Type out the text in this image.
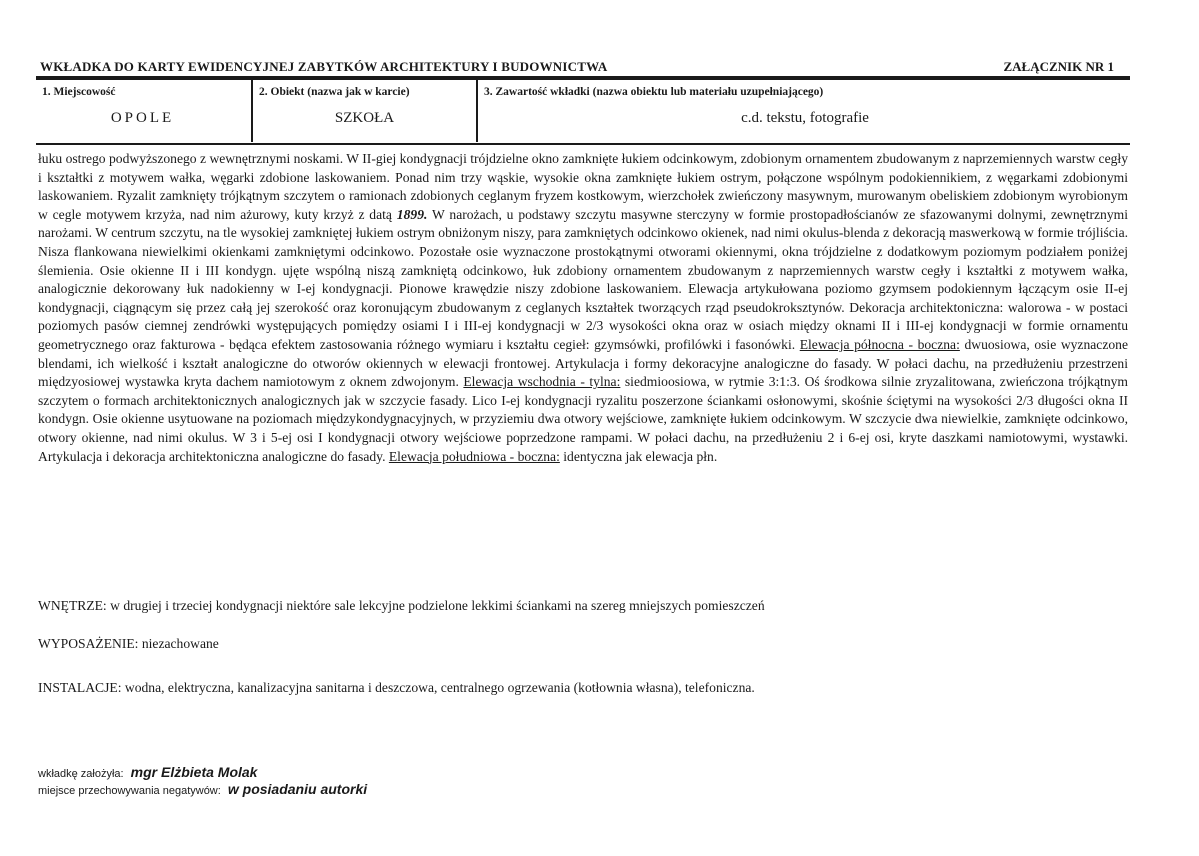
WKŁADKA DO KARTY EWIDENCYJNEJ ZABYTKÓW ARCHITEKTURY I BUDOWNICTWA	ZAŁĄCZNIK NR 1
1. Miejscowość
OPOLE
2. Obiekt (nazwa jak w karcie)
SZKOŁA
3. Zawartość wkładki (nazwa obiektu lub materiału uzupełniającego)
c.d. tekstu, fotografie

łuku ostrego podwyższonego z wewnętrznymi noskami. W II-giej kondygnacji trójdzielne okno zamknięte łukiem odcinkowym, zdobionym ornamentem zbudowanym z naprzemiennych warstw cegły i kształtki z motywem wałka, węgarki zdobione laskowaniem. Ponad nim trzy wąskie, wysokie okna zamknięte łukiem ostrym, połączone wspólnym podokiennikiem, z węgarkami zdobionymi laskowaniem. Ryzalit zamknięty trójkątnym szczytem o ramionach zdobionych ceglanym fryzem kostkowym, wierzchołek zwieńczony masywnym, murowanym obeliskiem zdobionym wyrobionym w cegle motywem krzyża, nad nim ażurowy, kuty krzyż z datą 1899. W narożach, u podstawy szczytu masywne sterczyny w formie prostopadłościanów ze sfazowanymi dolnymi, zewnętrznymi narożami. W centrum szczytu, na tle wysokiej zamkniętej łukiem ostrym obniżonym niszy, para zamkniętych odcinkowo okienek, nad nimi okulus-blenda z dekoracją maswerkową w formie trójliścia. Nisza flankowana niewielkimi okienkami zamkniętymi odcinkowo. Pozostałe osie wyznaczone prostokątnymi otworami okiennymi, okna trójdzielne z dodatkowym poziomym podziałem poniżej ślemienia. Osie okienne II i III kondygn. ujęte wspólną niszą zamkniętą odcinkowo, łuk zdobiony ornamentem zbudowanym z naprzemiennych warstw cegły i kształtki z motywem wałka, analogicznie dekorowany łuk nadokienny w I-ej kondygnacji. Pionowe krawędzie niszy zdobione laskowaniem. Elewacja artykułowana poziomo gzymsem podokiennym łączącym osie II-ej kondygnacji, ciągnącym się przez całą jej szerokość oraz koronującym zbudowanym z ceglanych kształtek tworzących rząd pseudokroksztynów. Dekoracja architektoniczna: walorowa - w postaci poziomych pasów ciemnej zendrówki występujących pomiędzy osiami I i III-ej kondygnacji w 2/3 wysokości okna oraz w osiach między oknami II i III-ej kondygnacji w formie ornamentu geometrycznego oraz fakturowa - będąca efektem zastosowania różnego wymiaru i kształtu cegieł: gzymsówki, profilówki i fasonówki. Elewacja północna - boczna: dwuosiowa, osie wyznaczone blendami, ich wielkość i kształt analogiczne do otworów okiennych w elewacji frontowej. Artykulacja i formy dekoracyjne analogiczne do fasady. W połaci dachu, na przedłużeniu przestrzeni międzyosiowej wystawka kryta dachem namiotowym z oknem zdwojonym. Elewacja wschodnia - tylna: siedmioosiowa, w rytmie 3:1:3. Oś środkowa silnie zryzalitowana, zwieńczona trójkątnym szczytem o formach architektonicznych analogicznych jak w szczycie fasady. Lico I-ej kondygnacji ryzalitu poszerzone ściankami osłonowymi, skośnie ściętymi na wysokości 2/3 długości okna II kondygn. Osie okienne usytuowane na poziomach międzykondygnacyjnych, w przyziemiu dwa otwory wejściowe, zamknięte łukiem odcinkowym. W szczycie dwa niewielkie, zamknięte odcinkowo, otwory okienne, nad nimi okulus. W 3 i 5-ej osi I kondygnacji otwory wejściowe poprzedzone rampami. W połaci dachu, na przedłużeniu 2 i 6-ej osi, kryte daszkami namiotowymi, wystawki. Artykulacja i dekoracja architektoniczna analogiczne do fasady. Elewacja południowa - boczna: identyczna jak elewacja płn.

WNĘTRZE: w drugiej i trzeciej kondygnacji niektóre sale lekcyjne podzielone lekkimi ściankami na szereg mniejszych pomieszczeń
WYPOSAŻENIE: niezachowane
INSTALACJE: wodna, elektryczna, kanalizacyjna sanitarna i deszczowa, centralnego ogrzewania (kotłownia własna), telefoniczna.
wkładkę założyła: mgr Elżbieta Molak
miejsce przechowywania negatywów: w posiadaniu autorki
